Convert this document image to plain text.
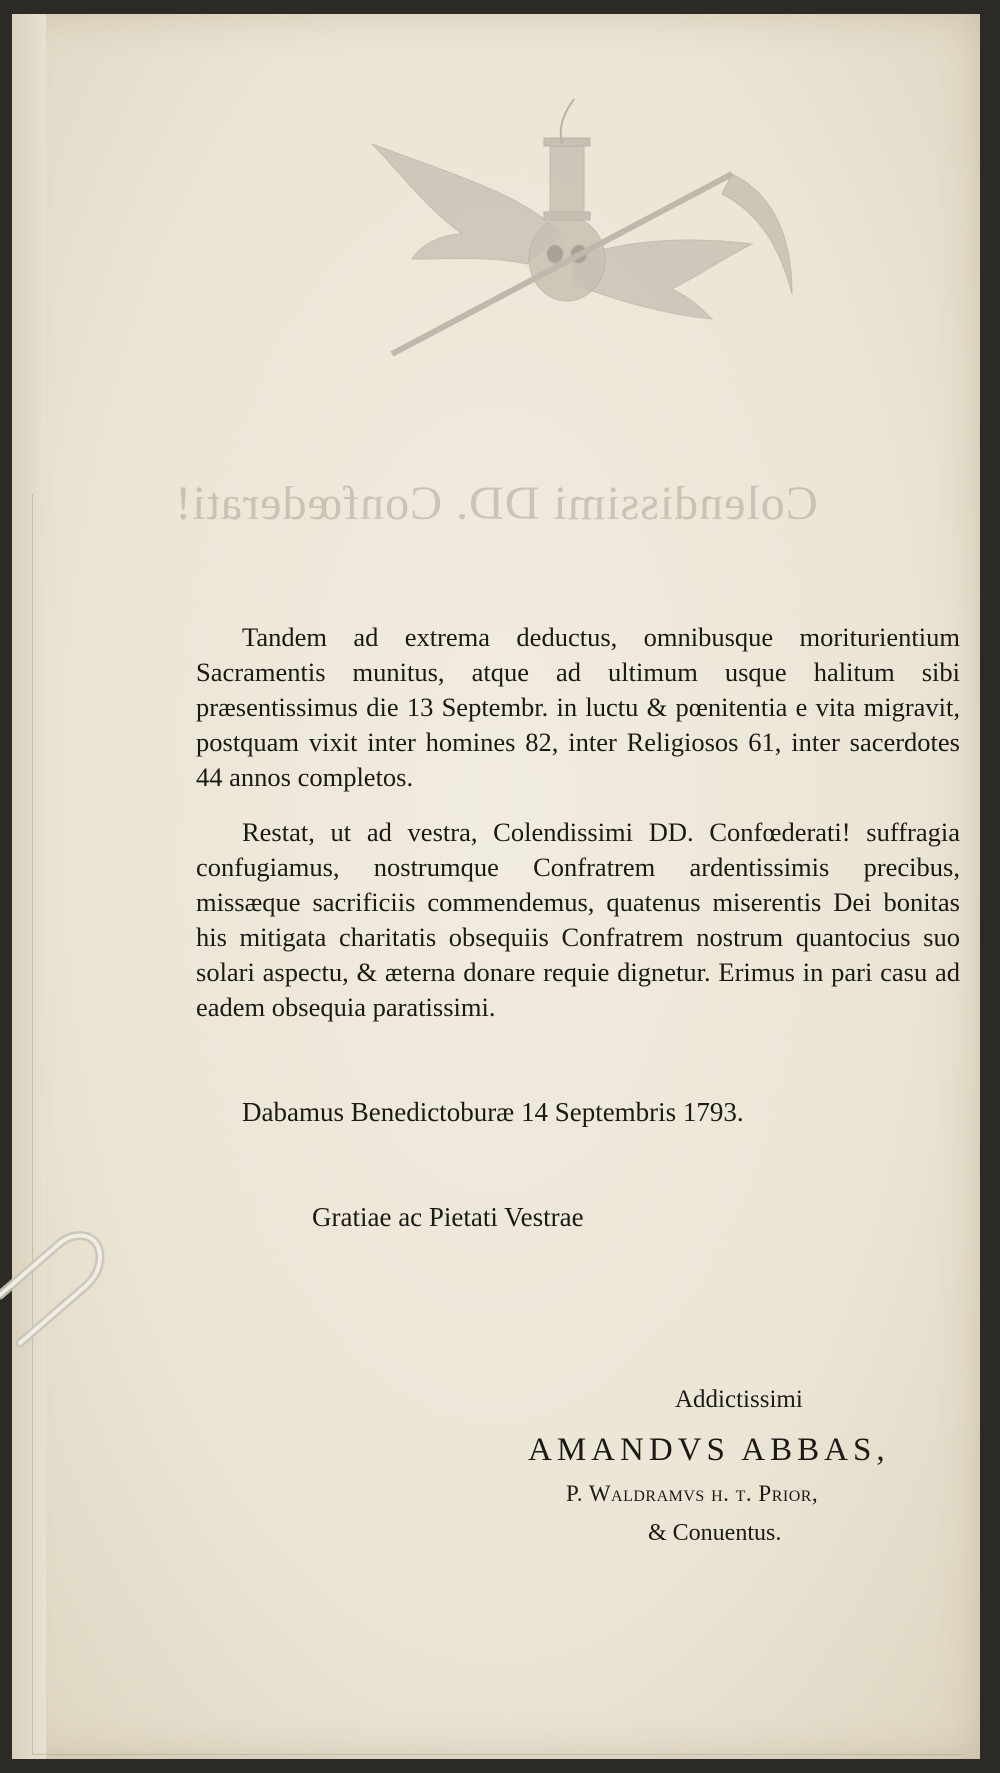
Colendissimi DD. Confœderati!

Tandem ad extrema deductus, omnibusque moriturientium Sacramentis munitus, atque ad ultimum usque halitum sibi præsentissimus die 13 Septembr. in luctu & pœnitentia e vita migravit, postquam vixit inter homines 82, inter Religiosos 61, inter sacerdotes 44 annos completos.

Restat, ut ad vestra, Colendissimi DD. Confœderati! suffragia confugiamus, nostrumque Confratrem ardentissimis precibus, missæque sacrificiis commendemus, quatenus miserentis Dei bonitas his mitigata charitatis obsequiis Confratrem nostrum quantocius suo solari aspectu, & æterna donare requie dignetur. Erimus in pari casu ad eadem obsequia paratissimi.

Dabamus Benedictoburæ 14 Septembris 1793.
Gratiae ac Pietati Vestrae
Addictissimi
AMANDVS ABBAS,
P. Waldramvs h. t. Prior,
& Conuentus.
